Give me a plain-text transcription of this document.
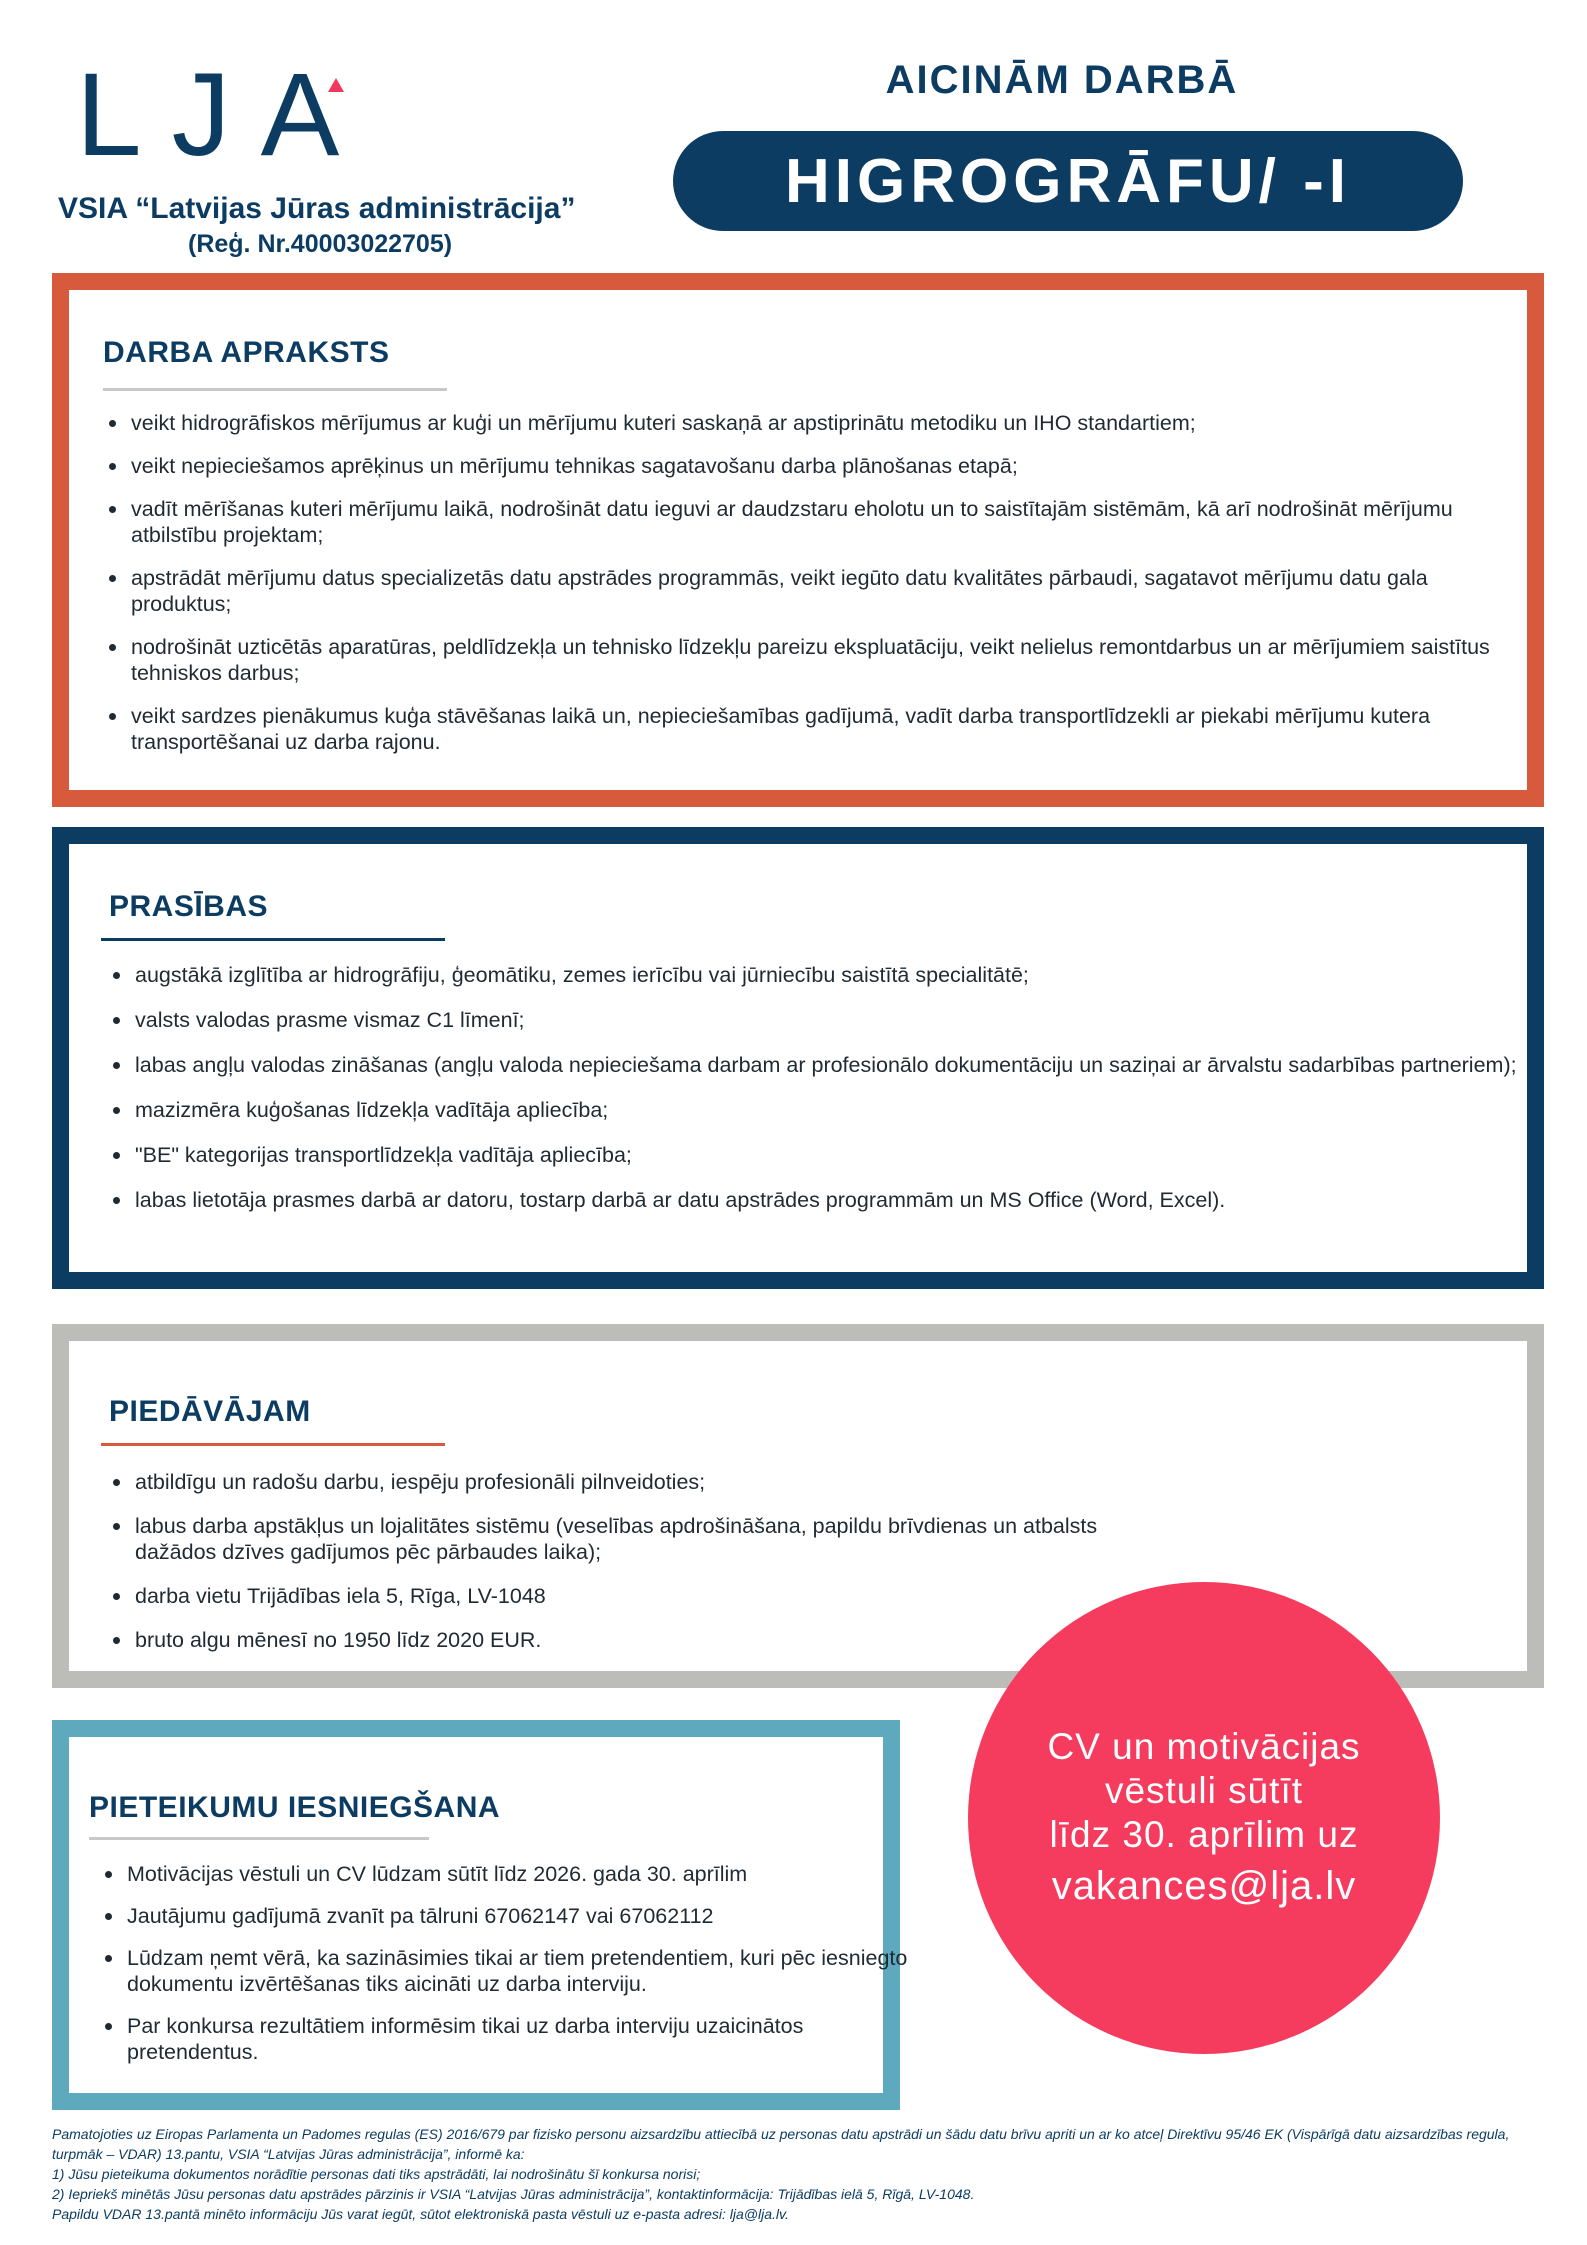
LJA
VSIA “Latvijas Jūras administrācija”
(Reģ. Nr.40003022705)
AICINĀM DARBĀ
HIGROGRĀFU/ -I
DARBA APRAKSTS
veikt hidrogrāfiskos mērījumus ar kuģi un mērījumu kuteri saskaņā ar apstiprinātu metodiku un IHO standartiem;
veikt nepieciešamos aprēķinus un mērījumu tehnikas sagatavošanu darba plānošanas etapā;
vadīt mērīšanas kuteri mērījumu laikā, nodrošināt datu ieguvi ar daudzstaru eholotu un to saistītajām sistēmām, kā arī nodrošināt mērījumu atbilstību projektam;
apstrādāt mērījumu datus specializetās datu apstrādes programmās, veikt iegūto datu kvalitātes pārbaudi, sagatavot mērījumu datu gala produktus;
nodrošināt uzticētās aparatūras, peldlīdzekļa un tehnisko līdzekļu pareizu ekspluatāciju, veikt nelielus remontdarbus un ar mērījumiem saistītus tehniskos darbus;
veikt sardzes pienākumus kuģa stāvēšanas laikā un, nepieciešamības gadījumā, vadīt darba transportlīdzekli ar piekabi mērījumu kutera transportēšanai uz darba rajonu.
PRASĪBAS
augstākā izglītība ar hidrogrāfiju, ģeomātiku, zemes ierīcību vai jūrniecību saistītā specialitātē;
valsts valodas prasme vismaz C1 līmenī;
labas angļu valodas zināšanas (angļu valoda nepieciešama darbam ar profesionālo dokumentāciju un saziņai ar ārvalstu sadarbības partneriem);
mazizmēra kuģošanas līdzekļa vadītāja apliecība;
"BE" kategorijas transportlīdzekļa vadītāja apliecība;
labas lietotāja prasmes darbā ar datoru, tostarp darbā ar datu apstrādes programmām un MS Office (Word, Excel).
PIEDĀVĀJAM
atbildīgu un radošu darbu, iespēju profesionāli pilnveidoties;
labus darba apstākļus un lojalitātes sistēmu (veselības apdrošināšana, papildu brīvdienas un atbalsts dažādos dzīves gadījumos pēc pārbaudes laika);
darba vietu Trijādības iela 5, Rīga, LV-1048
bruto algu mēnesī no 1950 līdz 2020 EUR.
PIETEIKUMU IESNIEGŠANA
Motivācijas vēstuli un CV lūdzam sūtīt līdz 2026. gada 30. aprīlim
Jautājumu gadījumā zvanīt pa tālruni 67062147 vai 67062112
Lūdzam ņemt vērā, ka sazināsimies tikai ar tiem pretendentiem, kuri pēc iesniegto dokumentu izvērtēšanas tiks aicināti uz darba interviju.
Par konkursa rezultātiem informēsim tikai uz darba interviju uzaicinātos pretendentus.
CV un motivācijas
vēstuli sūtīt
līdz 30. aprīlim uz
vakances@lja.lv

Pamatojoties uz Eiropas Parlamenta un Padomes regulas (ES) 2016/679 par fizisko personu aizsardzību attiecībā uz personas datu apstrādi un šādu datu brīvu apriti un ar ko atceļ Direktīvu 95/46 EK (Vispārīgā datu aizsardzības regula, turpmāk – VDAR) 13.pantu, VSIA “Latvijas Jūras administrācija”, informē ka:

1) Jūsu pieteikuma dokumentos norādītie personas dati tiks apstrādāti, lai nodrošinātu šī konkursa norisi;

2) Iepriekš minētās Jūsu personas datu apstrādes pārzinis ir VSIA “Latvijas Jūras administrācija”, kontaktinformācija: Trijādības ielā 5, Rīgā, LV-1048.

Papildu VDAR 13.pantā minēto informāciju Jūs varat iegūt, sūtot elektroniskā pasta vēstuli uz e-pasta adresi: lja@lja.lv.
